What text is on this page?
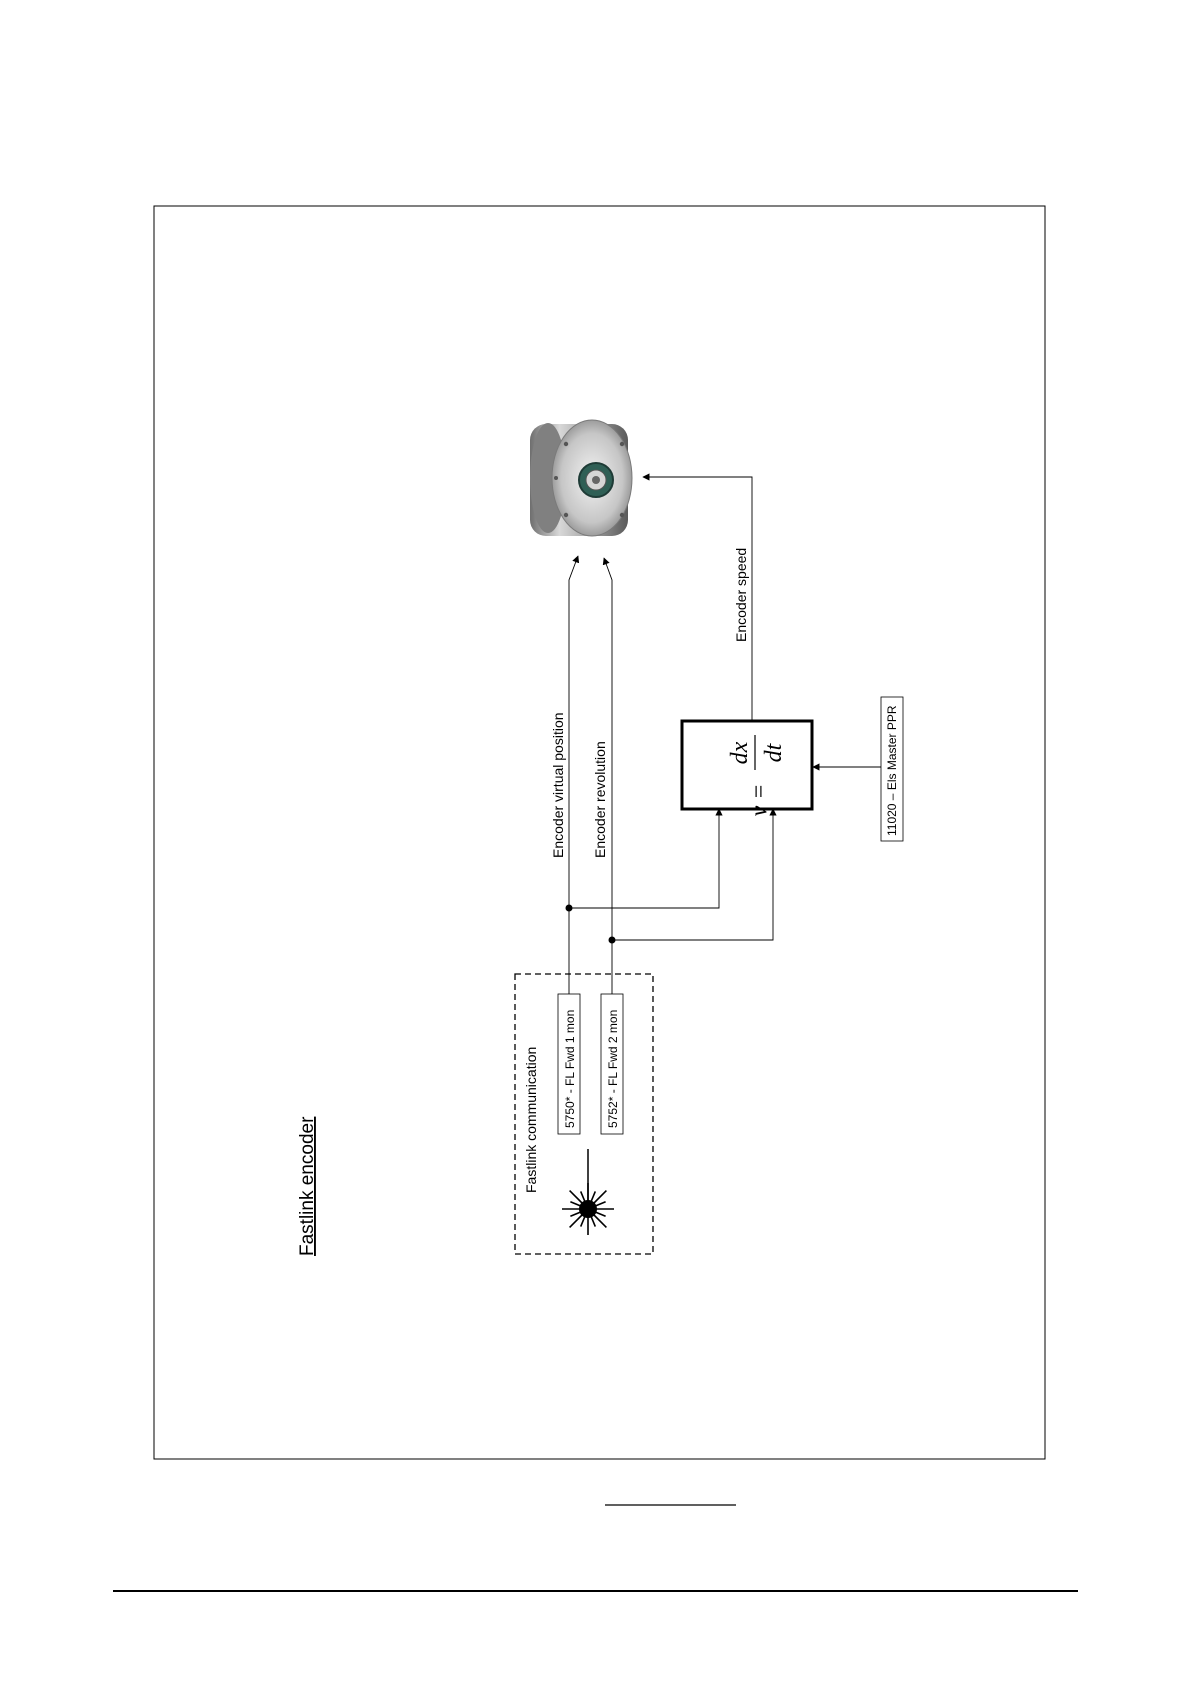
Fastlink encoder	Fastlink communication 5750* - FL Fwd 1 mon 5752* - FL Fwd 2 mon
Encoder virtual position Encoder revolution
Encoder speed
v =
dx dt	11020 – Els Master PPR
